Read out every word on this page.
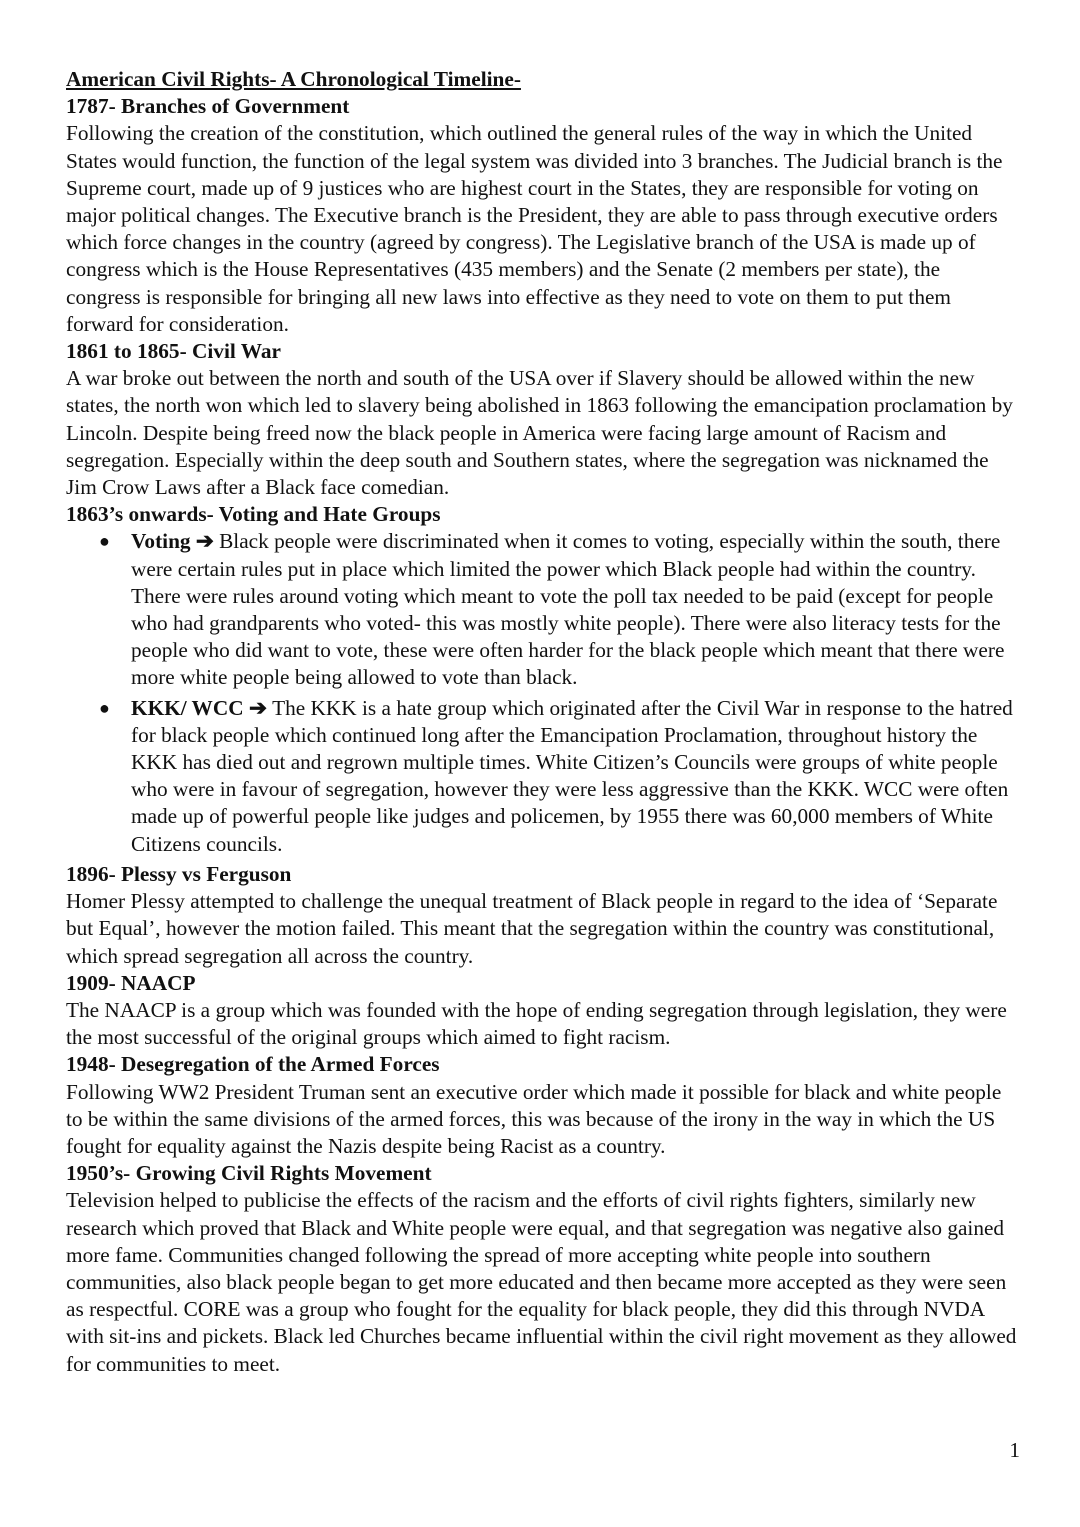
American Civil Rights- A Chronological Timeline-
1787- Branches of Government

Following the creation of the constitution, which outlined the general rules of the way in which the United States would function, the function of the legal system was divided into 3 branches. The Judicial branch is the Supreme court, made up of 9 justices who are highest court in the States, they are responsible for voting on major political changes. The Executive branch is the President, they are able to pass through executive orders which force changes in the country (agreed by congress). The Legislative branch of the USA is made up of congress which is the House Representatives (435 members) and the Senate (2 members per state), the congress is responsible for bringing all new laws into effective as they need to vote on them to put them forward for consideration.

1861 to 1865- Civil War

A war broke out between the north and south of the USA over if Slavery should be allowed within the new states, the north won which led to slavery being abolished in 1863 following the emancipation proclamation by Lincoln. Despite being freed now the black people in America were facing large amount of Racism and segregation. Especially within the deep south and Southern states, where the segregation was nicknamed the Jim Crow Laws after a Black face comedian.

1863’s onwards- Voting and Hate Groups
● Voting ➔ Black people were discriminated when it comes to voting, especially within the south, there were certain rules put in place which limited the power which Black people had within the country. There were rules around voting which meant to vote the poll tax needed to be paid (except for people who had grandparents who voted- this was mostly white people). There were also literacy tests for the people who did want to vote, these were often harder for the black people which meant that there were more white people being allowed to vote than black.
● KKK/ WCC ➔ The KKK is a hate group which originated after the Civil War in response to the hatred for black people which continued long after the Emancipation Proclamation, throughout history the KKK has died out and regrown multiple times. White Citizen’s Councils were groups of white people who were in favour of segregation, however they were less aggressive than the KKK. WCC were often made up of powerful people like judges and policemen, by 1955 there was 60,000 members of White Citizens councils.
1896- Plessy vs Ferguson

Homer Plessy attempted to challenge the unequal treatment of Black people in regard to the idea of ‘Separate but Equal’, however the motion failed. This meant that the segregation within the country was constitutional, which spread segregation all across the country.

1909- NAACP

The NAACP is a group which was founded with the hope of ending segregation through legislation, they were the most successful of the original groups which aimed to fight racism.

1948- Desegregation of the Armed Forces

Following WW2 President Truman sent an executive order which made it possible for black and white people to be within the same divisions of the armed forces, this was because of the irony in the way in which the US fought for equality against the Nazis despite being Racist as a country.

1950’s- Growing Civil Rights Movement

Television helped to publicise the effects of the racism and the efforts of civil rights fighters, similarly new research which proved that Black and White people were equal, and that segregation was negative also gained more fame. Communities changed following the spread of more accepting white people into southern communities, also black people began to get more educated and then became more accepted as they were seen as respectful. CORE was a group who fought for the equality for black people, they did this through NVDA with sit-ins and pickets. Black led Churches became influential within the civil right movement as they allowed for communities to meet.

1
